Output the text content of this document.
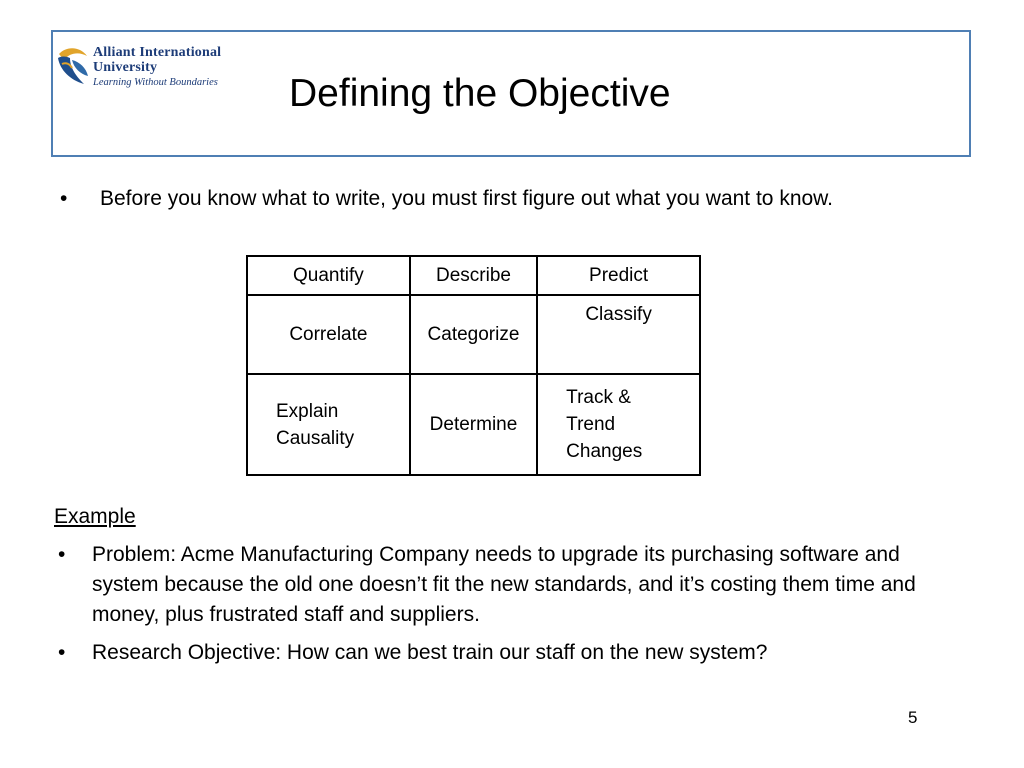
Alliant International
University
Learning Without Boundaries Defining the Objective
• Before you know what to write, you must first figure out what you want to know.
Quantify	Describe	Predict
Correlate	Categorize	Classify

Explain Causality	Determine	Track & Trend Changes
Example
• Problem: Acme Manufacturing Company needs to upgrade its purchasing software and system because the old one doesn’t fit the new standards, and it’s costing them time and money, plus frustrated staff and suppliers.
• Research Objective: How can we best train our staff on the new system?
5
